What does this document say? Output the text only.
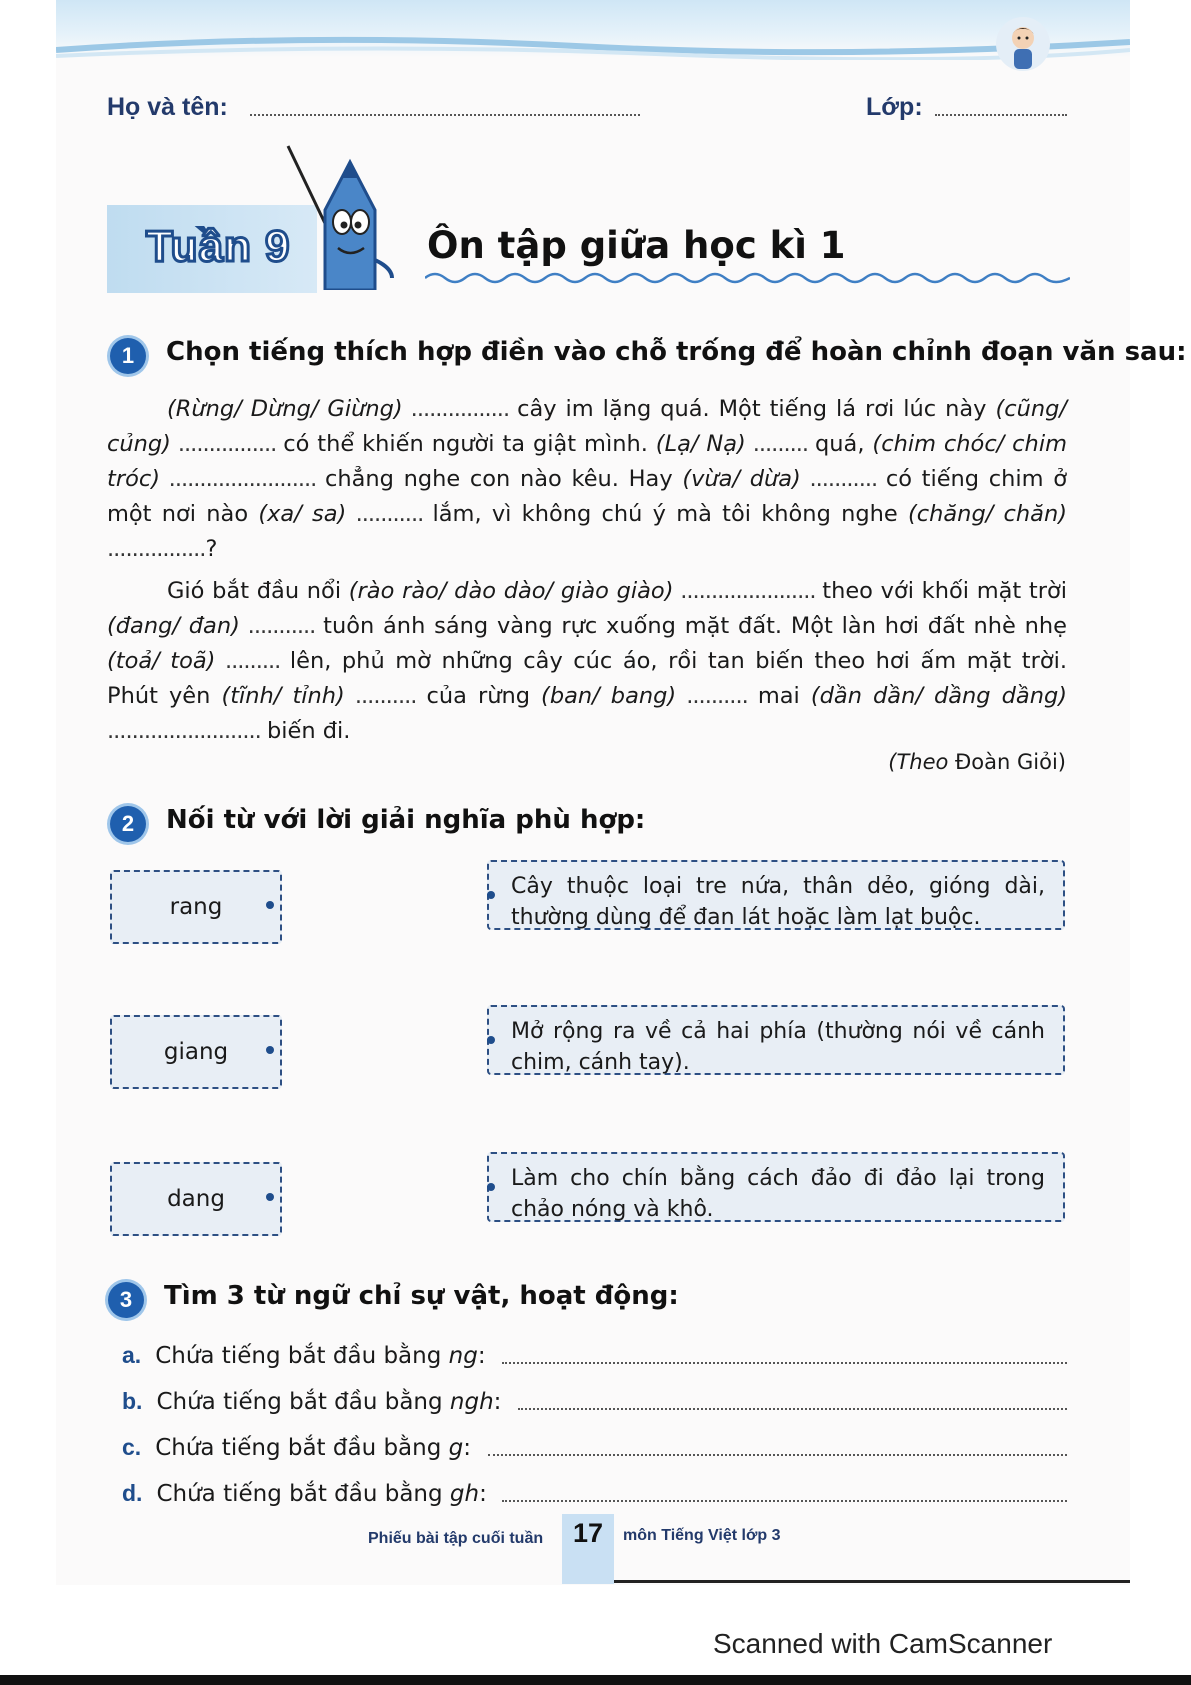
Họ và tên:	Lớp:
Tuần 9	Ôn tập giữa học kì 1
1	Chọn tiếng thích hợp điền vào chỗ trống để hoàn chỉnh đoạn văn sau:
(Rừng/ Dừng/ Giừng) ................ cây im lặng quá. Một tiếng lá rơi lúc này (cũng/ củng) ................ có thể khiến người ta giật mình. (Lạ/ Nạ) ......... quá, (chim chóc/ chim tróc) ........................ chẳng nghe con nào kêu. Hay (vừa/ dừa) ........... có tiếng chim ở một nơi nào (xa/ sa) ........... lắm, vì không chú ý mà tôi không nghe (chăng/ chăn) ................?
Gió bắt đầu nổi (rào rào/ dào dào/ giào giào) ...................... theo với khối mặt trời (đang/ đan) ........... tuôn ánh sáng vàng rực xuống mặt đất. Một làn hơi đất nhè nhẹ (toả/ toã) ......... lên, phủ mờ những cây cúc áo, rồi tan biến theo hơi ấm mặt trời. Phút yên (tĩnh/ tỉnh) .......... của rừng (ban/ bang) .......... mai (dần dần/ dầng dầng) ......................... biến đi.
(Theo Đoàn Giỏi)
2	Nối từ với lời giải nghĩa phù hợp:
rang
Cây thuộc loại tre nứa, thân dẻo, gióng dài, thường dùng để đan lát hoặc làm lạt buộc.
giang
Mở rộng ra về cả hai phía (thường nói về cánh chim, cánh tay).
dang
Làm cho chín bằng cách đảo đi đảo lại trong chảo nóng và khô.
3	Tìm 3 từ ngữ chỉ sự vật, hoạt động:
a. Chứa tiếng bắt đầu bằng ng:
b. Chứa tiếng bắt đầu bằng ngh:
c. Chứa tiếng bắt đầu bằng g:
d. Chứa tiếng bắt đầu bằng gh:
Phiếu bài tập cuối tuần	17	môn Tiếng Việt lớp 3
Scanned with CamScanner
